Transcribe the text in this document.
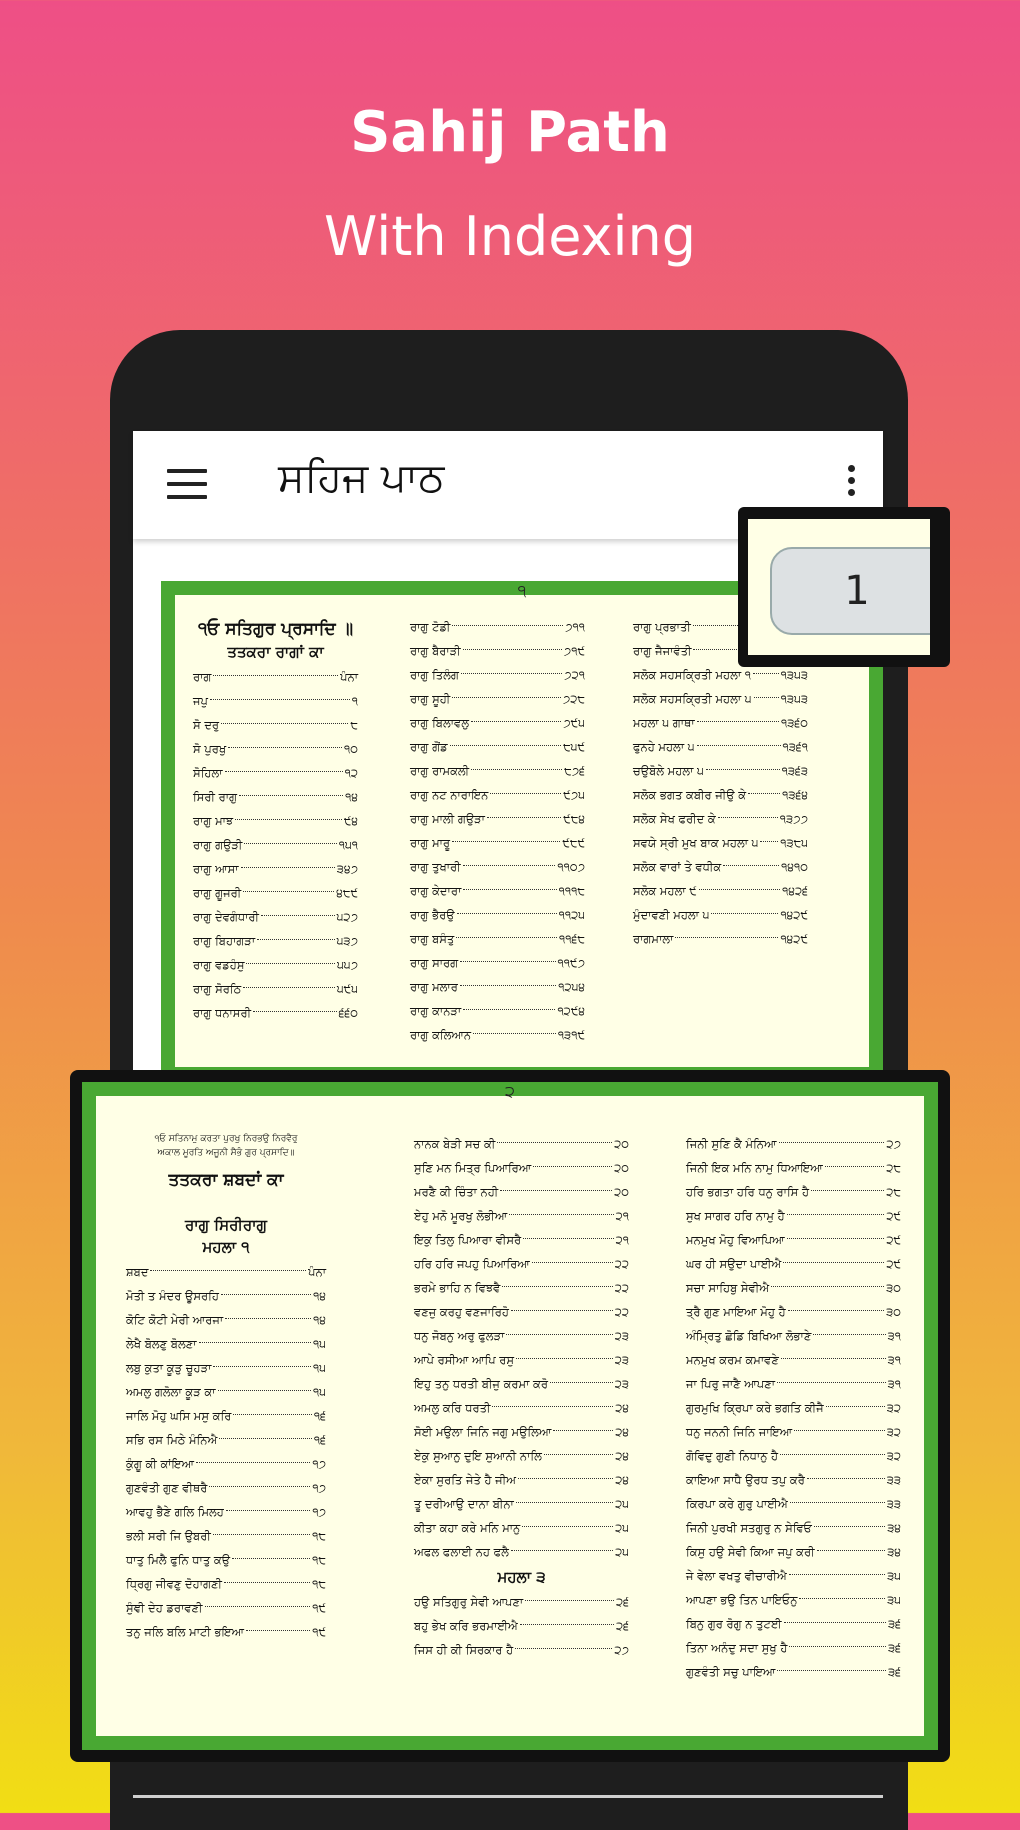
Sahij Path
With Indexing
ਸਹਿਜ ਪਾਠ
੧
੧ਓ ਸਤਿਗੁਰ ਪ੍ਰਸਾਦਿ ॥
ਤਤਕਰਾ ਰਾਗਾਂ ਕਾ
ਰਾਗ	ਪੰਨਾ
ਜਪੁ	੧
ਸੋ ਦਰੁ	੮
ਸੋ ਪੁਰਖੁ	੧੦
ਸੋਹਿਲਾ	੧੨
ਸਿਰੀ ਰਾਗੁ	੧੪
ਰਾਗੁ ਮਾਝ	੯੪
ਰਾਗੁ ਗਉੜੀ	੧੫੧
ਰਾਗੁ ਆਸਾ	੩੪੭
ਰਾਗੁ ਗੂਜਰੀ	੪੮੯
ਰਾਗੁ ਦੇਵਗੰਧਾਰੀ	੫੨੭
ਰਾਗੁ ਬਿਹਾਗੜਾ	੫੩੭
ਰਾਗੁ ਵਡਹੰਸੁ	੫੫੭
ਰਾਗੁ ਸੋਰਠਿ	੫੯੫
ਰਾਗੁ ਧਨਾਸਰੀ	੬੬੦
ਰਾਗੁ ਟੋਡੀ	੭੧੧
ਰਾਗੁ ਬੈਰਾੜੀ	੭੧੯
ਰਾਗੁ ਤਿਲੰਗ	੭੨੧
ਰਾਗੁ ਸੂਹੀ	੭੨੮
ਰਾਗੁ ਬਿਲਾਵਲੁ	੭੯੫
ਰਾਗੁ ਗੋਂਡ	੮੫੯
ਰਾਗੁ ਰਾਮਕਲੀ	੮੭੬
ਰਾਗੁ ਨਟ ਨਾਰਾਇਨ	੯੭੫
ਰਾਗੁ ਮਾਲੀ ਗਉੜਾ	੯੮੪
ਰਾਗੁ ਮਾਰੂ	੯੮੯
ਰਾਗੁ ਤੁਖਾਰੀ	੧੧੦੭
ਰਾਗੁ ਕੇਦਾਰਾ	੧੧੧੮
ਰਾਗੁ ਭੈਰਉ	੧੧੨੫
ਰਾਗੁ ਬਸੰਤੁ	੧੧੬੮
ਰਾਗੁ ਸਾਰਗ	੧੧੯੭
ਰਾਗੁ ਮਲਾਰ	੧੨੫੪
ਰਾਗੁ ਕਾਨੜਾ	੧੨੯੪
ਰਾਗੁ ਕਲਿਆਨ	੧੩੧੯
ਰਾਗੁ ਪ੍ਰਭਾਤੀ
ਰਾਗੁ ਜੈਜਾਵੰਤੀ
ਸਲੋਕ ਸਹਸਕ੍ਰਿਤੀ ਮਹਲਾ ੧	੧੩੫੩
ਸਲੋਕ ਸਹਸਕ੍ਰਿਤੀ ਮਹਲਾ ੫	੧੩੫੩
ਮਹਲਾ ੫ ਗਾਥਾ	੧੩੬੦
ਫੁਨਹੇ ਮਹਲਾ ੫	੧੩੬੧
ਚਉਬੋਲੇ ਮਹਲਾ ੫	੧੩੬੩
ਸਲੋਕ ਭਗਤ ਕਬੀਰ ਜੀਉ ਕੇ	੧੩੬੪
ਸਲੋਕ ਸੇਖ ਫਰੀਦ ਕੇ	੧੩੭੭
ਸਵਯੇ ਸ੍ਰੀ ਮੁਖ ਬਾਕ ਮਹਲਾ ੫ ੧੩੮੫
ਸਲੋਕ ਵਾਰਾਂ ਤੇ ਵਧੀਕ	੧੪੧੦
ਸਲੋਕ ਮਹਲਾ ੯	੧੪੨੬
ਮੁੰਦਾਵਣੀ ਮਹਲਾ ੫	੧੪੨੯
ਰਾਗਮਾਲਾ	੧੪੨੯
1
੨
੧ਓ ਸਤਿਨਾਮੁ ਕਰਤਾ ਪੁਰਖੁ ਨਿਰਭਉ ਨਿਰਵੈਰੁ
ਅਕਾਲ ਮੂਰਤਿ ਅਜੂਨੀ ਸੈਭੰ ਗੁਰ ਪ੍ਰਸਾਦਿ॥
ਤਤਕਰਾ ਸ਼ਬਦਾਂ ਕਾ
ਰਾਗੁ ਸਿਰੀਰਾਗੁ
ਮਹਲਾ ੧
ਸ਼ਬਦ	ਪੰਨਾ
ਮੋਤੀ ਤ ਮੰਦਰ ਊਸਰਹਿ	੧੪
ਕੋਟਿ ਕੋਟੀ ਮੇਰੀ ਆਰਜਾ	੧੪
ਲੇਖੈ ਬੋਲਣੁ ਬੋਲਣਾ	੧੫
ਲਬੁ ਕੁਤਾ ਕੂੜੁ ਚੂਹੜਾ	੧੫
ਅਮਲੁ ਗਲੋਲਾ ਕੂੜ ਕਾ	੧੫
ਜਾਲਿ ਮੋਹੁ ਘਸਿ ਮਸੁ ਕਰਿ	੧੬
ਸਭਿ ਰਸ ਮਿਠੇ ਮੰਨਿਐ	੧੬
ਕੁੰਗੂ ਕੀ ਕਾਂਇਆ	੧੭
ਗੁਣਵੰਤੀ ਗੁਣ ਵੀਥਰੈ	੧੭
ਆਵਹੁ ਭੈਣੇ ਗਲਿ ਮਿਲਹ	੧੭
ਭਲੀ ਸਰੀ ਜਿ ਉਬਰੀ	੧੮
ਧਾਤੁ ਮਿਲੈ ਫੁਨਿ ਧਾਤੁ ਕਉ	੧੮
ਧ੍ਰਿਗੁ ਜੀਵਣੁ ਦੋਹਾਗਣੀ	੧੮
ਸੁੰਞੀ ਦੇਹ ਡਰਾਵਣੀ	੧੯
ਤਨੁ ਜਲਿ ਬਲਿ ਮਾਟੀ ਭਇਆ	੧੯
ਨਾਨਕ ਬੇੜੀ ਸਚ ਕੀ	੨੦
ਸੁਣਿ ਮਨ ਮਿਤ੍ਰ ਪਿਆਰਿਆ	੨੦
ਮਰਣੈ ਕੀ ਚਿੰਤਾ ਨਹੀ	੨੦
ਏਹੁ ਮਨੋ ਮੂਰਖੁ ਲੋਭੀਆ	੨੧
ਇਕੁ ਤਿਲੁ ਪਿਆਰਾ ਵੀਸਰੈ	੨੧
ਹਰਿ ਹਰਿ ਜਪਹੁ ਪਿਆਰਿਆ	੨੨
ਭਰਮੇ ਭਾਹਿ ਨ ਵਿਝਵੈ	੨੨
ਵਣਜੁ ਕਰਹੁ ਵਣਜਾਰਿਹੋ	੨੨
ਧਨੁ ਜੋਬਨੁ ਅਰੁ ਫੁਲੜਾ	੨੩
ਆਪੇ ਰਸੀਆ ਆਪਿ ਰਸੁ	੨੩
ਇਹੁ ਤਨੁ ਧਰਤੀ ਬੀਜੁ ਕਰਮਾ ਕਰੋ	੨੩
ਅਮਲੁ ਕਰਿ ਧਰਤੀ	੨੪
ਸੋਈ ਮਉਲਾ ਜਿਨਿ ਜਗੁ ਮਉਲਿਆ	੨੪
ਏਕੁ ਸੁਆਨੁ ਦੁਇ ਸੁਆਨੀ ਨਾਲਿ	੨੪
ਏਕਾ ਸੁਰਤਿ ਜੇਤੇ ਹੈ ਜੀਅ	੨੪
ਤੂ ਦਰੀਆਉ ਦਾਨਾ ਬੀਨਾ	੨੫
ਕੀਤਾ ਕਹਾ ਕਰੇ ਮਨਿ ਮਾਨੁ	੨੫
ਅਫਲ ਫਲਾਈ ਨਹ ਫਲੈ	੨੫
ਮਹਲਾ ੩
ਹਉ ਸਤਿਗੁਰੁ ਸੇਵੀ ਆਪਣਾ	੨੬
ਬਹੁ ਭੇਖ ਕਰਿ ਭਰਮਾਈਐ	੨੬
ਜਿਸ ਹੀ ਕੀ ਸਿਰਕਾਰ ਹੈ	੨੭
ਜਿਨੀ ਸੁਣਿ ਕੈ ਮੰਨਿਆ	੨੭
ਜਿਨੀ ਇਕ ਮਨਿ ਨਾਮੁ ਧਿਆਇਆ	੨੮
ਹਰਿ ਭਗਤਾ ਹਰਿ ਧਨੁ ਰਾਸਿ ਹੈ	੨੮
ਸੁਖ ਸਾਗਰ ਹਰਿ ਨਾਮੁ ਹੈ	੨੯
ਮਨਮੁਖ ਮੋਹੁ ਵਿਆਪਿਆ	੨੯
ਘਰ ਹੀ ਸਉਦਾ ਪਾਈਐ	੨੯
ਸਚਾ ਸਾਹਿਬੁ ਸੇਵੀਐ	੩੦
ਤ੍ਰੈ ਗੁਣ ਮਾਇਆ ਮੋਹੁ ਹੈ	੩੦
ਅੰਮ੍ਰਿਤੁ ਛੋਡਿ ਬਿਖਿਆ ਲੋਭਾਣੇ	੩੧
ਮਨਮੁਖ ਕਰਮ ਕਮਾਵਣੇ	੩੧
ਜਾ ਪਿਰੁ ਜਾਣੈ ਆਪਣਾ	੩੧
ਗੁਰਮੁਖਿ ਕ੍ਰਿਪਾ ਕਰੇ ਭਗਤਿ ਕੀਜੈ	੩੨
ਧਨੁ ਜਨਨੀ ਜਿਨਿ ਜਾਇਆ	੩੨
ਗੋਵਿਦੁ ਗੁਣੀ ਨਿਧਾਨੁ ਹੈ	੩੨
ਕਾਇਆ ਸਾਧੈ ਉਰਧ ਤਪੁ ਕਰੈ	੩੩
ਕਿਰਪਾ ਕਰੇ ਗੁਰੁ ਪਾਈਐ	੩੩
ਜਿਨੀ ਪੁਰਖੀ ਸਤਗੁਰੁ ਨ ਸੇਵਿਓ	੩੪
ਕਿਸੁ ਹਉ ਸੇਵੀ ਕਿਆ ਜਪੁ ਕਰੀ	੩੪
ਜੇ ਵੇਲਾ ਵਖਤੁ ਵੀਚਾਰੀਐ	੩੫
ਆਪਣਾ ਭਉ ਤਿਨ ਪਾਇਓਨੁ	੩੫
ਬਿਨੁ ਗੁਰ ਰੋਗੁ ਨ ਤੁਟਈ	੩੬
ਤਿਨਾ ਅਨੰਦੁ ਸਦਾ ਸੁਖੁ ਹੈ	੩੬
ਗੁਣਵੰਤੀ ਸਚੁ ਪਾਇਆ	੩੬
